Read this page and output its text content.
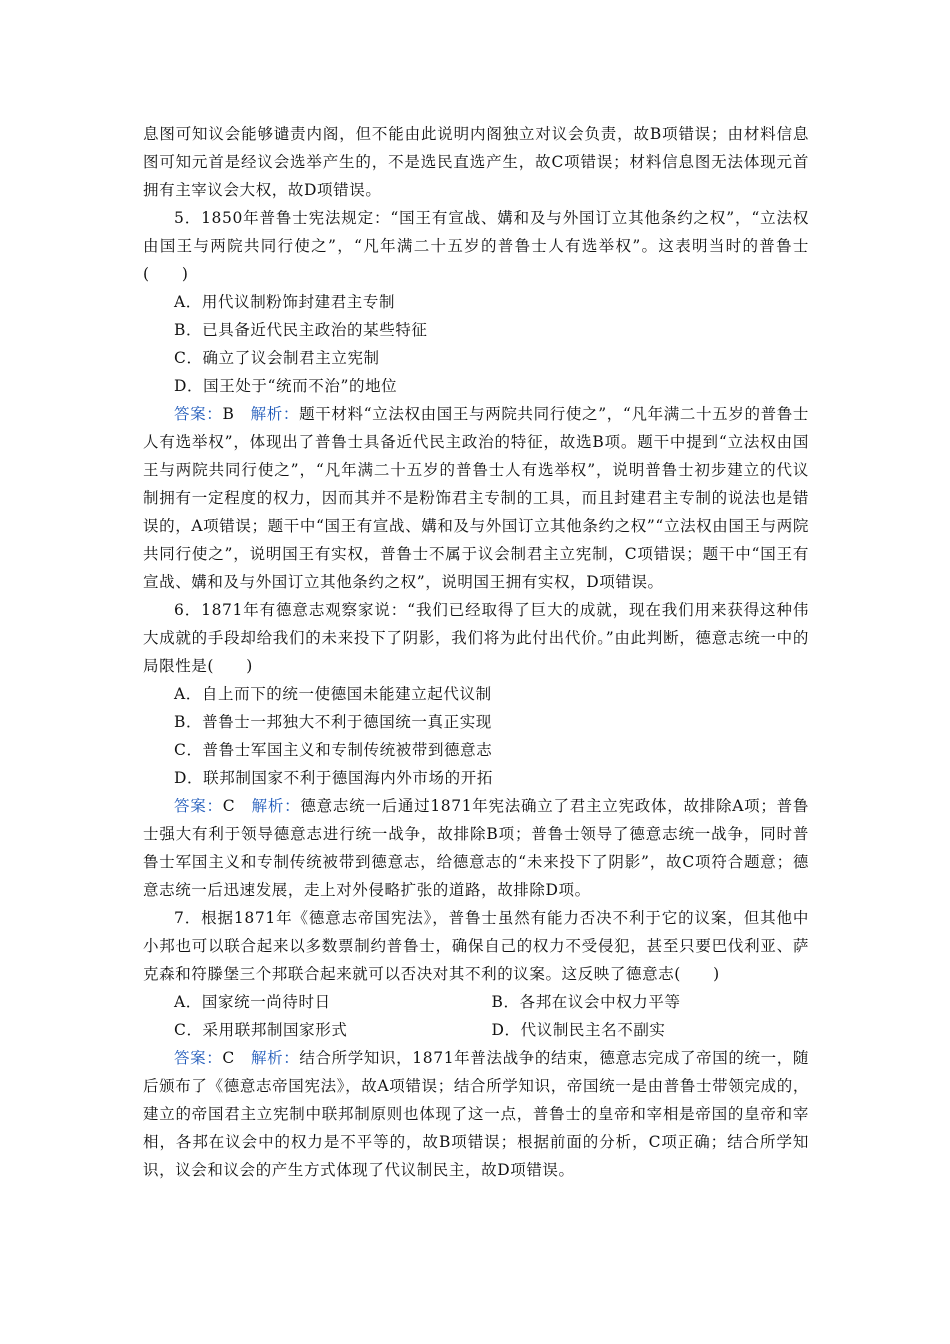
息图可知议会能够谴责内阁，但不能由此说明内阁独立对议会负责，故B项错误；由材料信息图可知元首是经议会选举产生的，不是选民直选产生，故C项错误；材料信息图无法体现元首拥有主宰议会大权，故D项错误。

5．1850年普鲁士宪法规定：“国王有宣战、媾和及与外国订立其他条约之权”，“立法权由国王与两院共同行使之”，“凡年满二十五岁的普鲁士人有选举权”。这表明当时的普鲁士(　　)

A．用代议制粉饰封建君主专制

B．已具备近代民主政治的某些特征

C．确立了议会制君主立宪制

D．国王处于“统而不治”的地位

答案：B　解析：题干材料“立法权由国王与两院共同行使之”，“凡年满二十五岁的普鲁士人有选举权”，体现出了普鲁士具备近代民主政治的特征，故选B项。题干中提到“立法权由国王与两院共同行使之”，“凡年满二十五岁的普鲁士人有选举权”，说明普鲁士初步建立的代议制拥有一定程度的权力，因而其并不是粉饰君主专制的工具，而且封建君主专制的说法也是错误的，A项错误；题干中“国王有宣战、媾和及与外国订立其他条约之权”“立法权由国王与两院共同行使之”，说明国王有实权，普鲁士不属于议会制君主立宪制，C项错误；题干中“国王有宣战、媾和及与外国订立其他条约之权”，说明国王拥有实权，D项错误。

6．1871年有德意志观察家说：“我们已经取得了巨大的成就，现在我们用来获得这种伟大成就的手段却给我们的未来投下了阴影，我们将为此付出代价。”由此判断，德意志统一中的局限性是(　　)

A．自上而下的统一使德国未能建立起代议制

B．普鲁士一邦独大不利于德国统一真正实现

C．普鲁士军国主义和专制传统被带到德意志

D．联邦制国家不利于德国海内外市场的开拓

答案：C　解析：德意志统一后通过1871年宪法确立了君主立宪政体，故排除A项；普鲁士强大有利于领导德意志进行统一战争，故排除B项；普鲁士领导了德意志统一战争，同时普鲁士军国主义和专制传统被带到德意志，给德意志的“未来投下了阴影”，故C项符合题意；德意志统一后迅速发展，走上对外侵略扩张的道路，故排除D项。

7．根据1871年《德意志帝国宪法》，普鲁士虽然有能力否决不利于它的议案，但其他中小邦也可以联合起来以多数票制约普鲁士，确保自己的权力不受侵犯，甚至只要巴伐利亚、萨克森和符滕堡三个邦联合起来就可以否决对其不利的议案。这反映了德意志(　　)

A．国家统一尚待时日	B．各邦在议会中权力平等
C．采用联邦制国家形式	D．代议制民主名不副实

答案：C　解析：结合所学知识，1871年普法战争的结束，德意志完成了帝国的统一，随后颁布了《德意志帝国宪法》，故A项错误；结合所学知识，帝国统一是由普鲁士带领完成的，建立的帝国君主立宪制中联邦制原则也体现了这一点，普鲁士的皇帝和宰相是帝国的皇帝和宰相，各邦在议会中的权力是不平等的，故B项错误；根据前面的分析，C项正确；结合所学知识，议会和议会的产生方式体现了代议制民主，故D项错误。
